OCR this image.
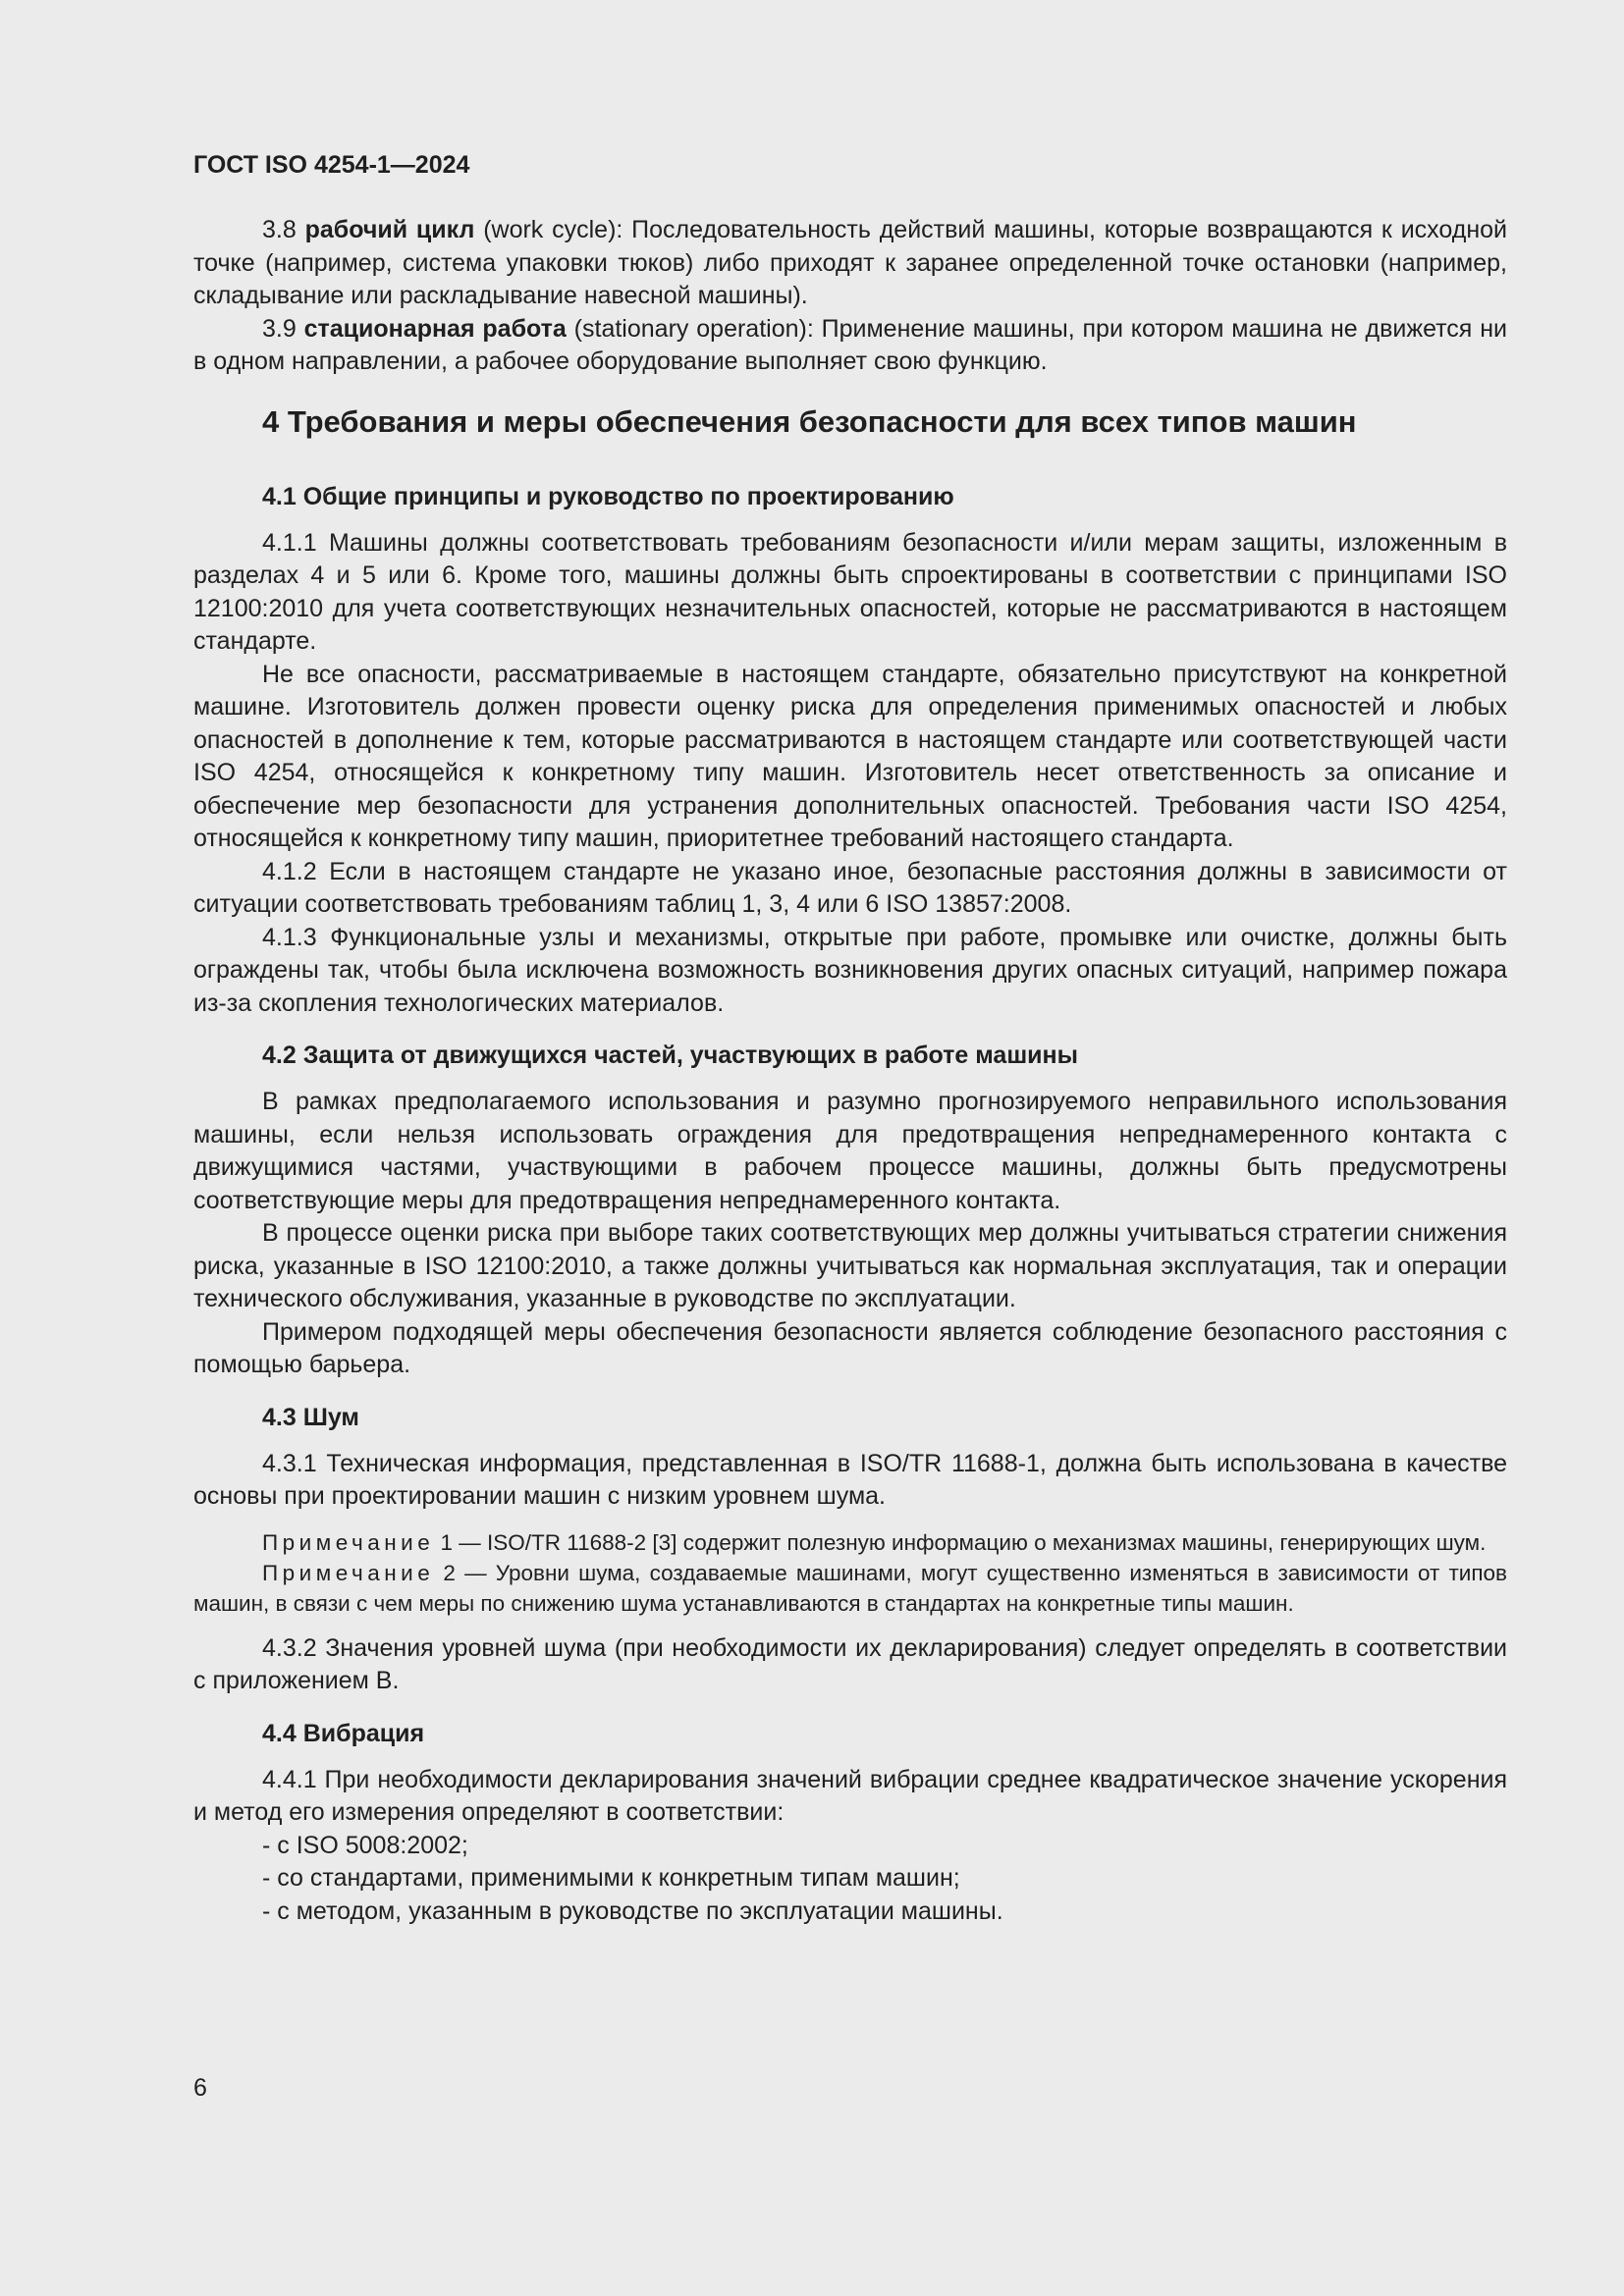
ГОСТ ISO 4254-1—2024

3.8 рабочий цикл (work cycle): Последовательность действий машины, которые возвращаются к исходной точке (например, система упаковки тюков) либо приходят к заранее определенной точке остановки (например, складывание или раскладывание навесной машины).

3.9 стационарная работа (stationary operation): Применение машины, при котором машина не движется ни в одном направлении, а рабочее оборудование выполняет свою функцию.

4 Требования и меры обеспечения безопасности для всех типов машин
4.1 Общие принципы и руководство по проектированию

4.1.1 Машины должны соответствовать требованиям безопасности и/или мерам защиты, изложенным в разделах 4 и 5 или 6. Кроме того, машины должны быть спроектированы в соответствии с принципами ISO 12100:2010 для учета соответствующих незначительных опасностей, которые не рассматриваются в настоящем стандарте.

Не все опасности, рассматриваемые в настоящем стандарте, обязательно присутствуют на конкретной машине. Изготовитель должен провести оценку риска для определения применимых опасностей и любых опасностей в дополнение к тем, которые рассматриваются в настоящем стандарте или соответствующей части ISO 4254, относящейся к конкретному типу машин. Изготовитель несет ответственность за описание и обеспечение мер безопасности для устранения дополнительных опасностей. Требования части ISO 4254, относящейся к конкретному типу машин, приоритетнее требований настоящего стандарта.

4.1.2 Если в настоящем стандарте не указано иное, безопасные расстояния должны в зависимости от ситуации соответствовать требованиям таблиц 1, 3, 4 или 6 ISO 13857:2008.

4.1.3 Функциональные узлы и механизмы, открытые при работе, промывке или очистке, должны быть ограждены так, чтобы была исключена возможность возникновения других опасных ситуаций, например пожара из-за скопления технологических материалов.

4.2 Защита от движущихся частей, участвующих в работе машины

В рамках предполагаемого использования и разумно прогнозируемого неправильного использования машины, если нельзя использовать ограждения для предотвращения непреднамеренного контакта с движущимися частями, участвующими в рабочем процессе машины, должны быть предусмотрены соответствующие меры для предотвращения непреднамеренного контакта.

В процессе оценки риска при выборе таких соответствующих мер должны учитываться стратегии снижения риска, указанные в ISO 12100:2010, а также должны учитываться как нормальная эксплуатация, так и операции технического обслуживания, указанные в руководстве по эксплуатации.

Примером подходящей меры обеспечения безопасности является соблюдение безопасного расстояния с помощью барьера.

4.3 Шум

4.3.1 Техническая информация, представленная в ISO/TR 11688-1, должна быть использована в качестве основы при проектировании машин с низким уровнем шума.

Примечание 1 — ISO/TR 11688-2 [3] содержит полезную информацию о механизмах машины, генерирующих шум.

Примечание 2 — Уровни шума, создаваемые машинами, могут существенно изменяться в зависимости от типов машин, в связи с чем меры по снижению шума устанавливаются в стандартах на конкретные типы машин.

4.3.2 Значения уровней шума (при необходимости их декларирования) следует определять в соответствии с приложением В.

4.4 Вибрация

4.4.1 При необходимости декларирования значений вибрации среднее квадратическое значение ускорения и метод его измерения определяют в соответствии:

- с ISO 5008:2002;
- со стандартами, применимыми к конкретным типам машин;
- с методом, указанным в руководстве по эксплуатации машины.
6
